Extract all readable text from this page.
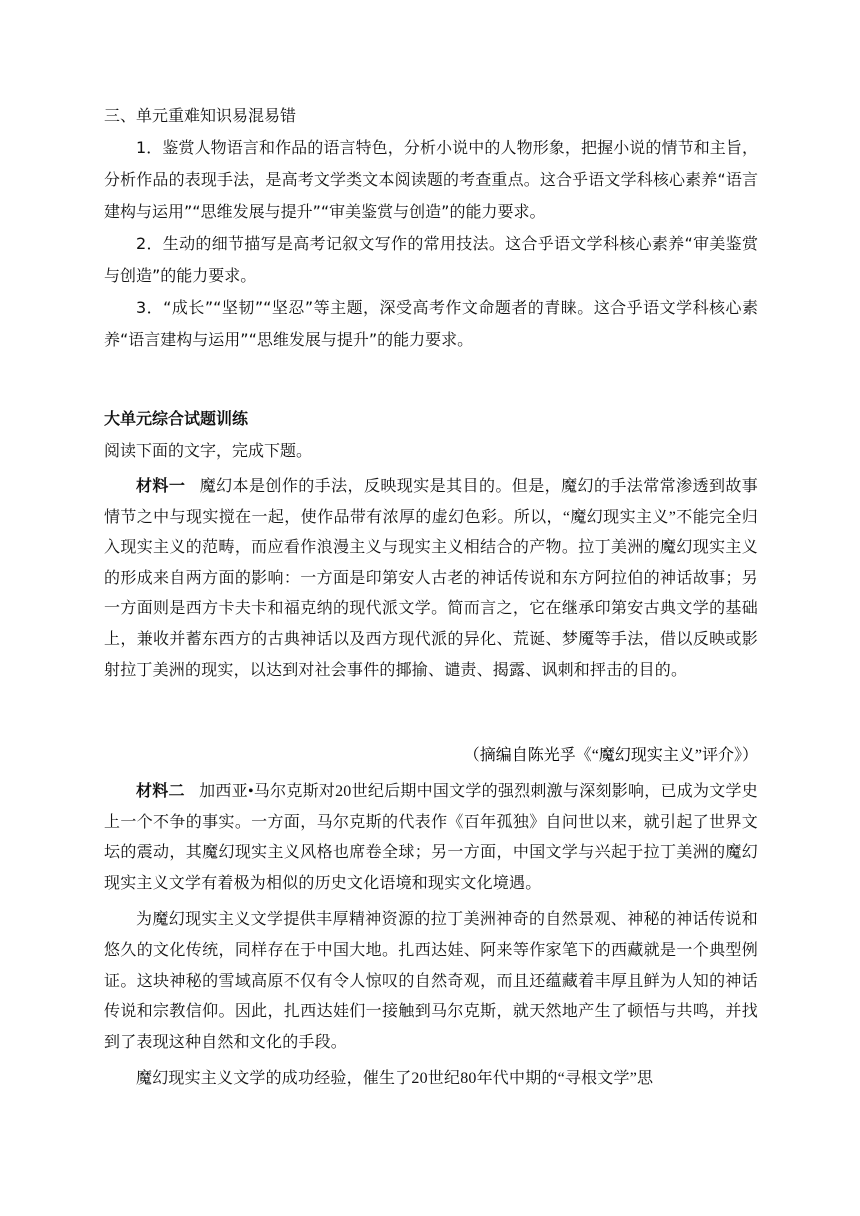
三、单元重难知识易混易错

1．鉴赏人物语言和作品的语言特色，分析小说中的人物形象，把握小说的情节和主旨，分析作品的表现手法，是高考文学类文本阅读题的考查重点。这合乎语文学科核心素养“语言建构与运用”“思维发展与提升”“审美鉴赏与创造”的能力要求。

2．生动的细节描写是高考记叙文写作的常用技法。这合乎语文学科核心素养“审美鉴赏与创造”的能力要求。

3．“成长”“坚韧”“坚忍”等主题，深受高考作文命题者的青睐。这合乎语文学科核心素养“语言建构与运用”“思维发展与提升”的能力要求。

大单元综合试题训练

阅读下面的文字，完成下题。

材料一 魔幻本是创作的手法，反映现实是其目的。但是，魔幻的手法常常渗透到故事情节之中与现实搅在一起，使作品带有浓厚的虚幻色彩。所以，“魔幻现实主义”不能完全归入现实主义的范畴，而应看作浪漫主义与现实主义相结合的产物。拉丁美洲的魔幻现实主义的形成来自两方面的影响：一方面是印第安人古老的神话传说和东方阿拉伯的神话故事；另一方面则是西方卡夫卡和福克纳的现代派文学。简而言之，它在继承印第安古典文学的基础上，兼收并蓄东西方的古典神话以及西方现代派的异化、荒诞、梦魇等手法，借以反映或影射拉丁美洲的现实，以达到对社会事件的揶揄、谴责、揭露、讽刺和抨击的目的。

（摘编自陈光孚《“魔幻现实主义”评介》）

材料二 加西亚•马尔克斯对20世纪后期中国文学的强烈刺激与深刻影响，已成为文学史上一个不争的事实。一方面，马尔克斯的代表作《百年孤独》自问世以来，就引起了世界文坛的震动，其魔幻现实主义风格也席卷全球；另一方面，中国文学与兴起于拉丁美洲的魔幻现实主义文学有着极为相似的历史文化语境和现实文化境遇。

为魔幻现实主义文学提供丰厚精神资源的拉丁美洲神奇的自然景观、神秘的神话传说和悠久的文化传统，同样存在于中国大地。扎西达娃、阿来等作家笔下的西藏就是一个典型例证。这块神秘的雪域高原不仅有令人惊叹的自然奇观，而且还蕴藏着丰厚且鲜为人知的神话传说和宗教信仰。因此，扎西达娃们一接触到马尔克斯，就天然地产生了顿悟与共鸣，并找到了表现这种自然和文化的手段。

魔幻现实主义文学的成功经验，催生了20世纪80年代中期的“寻根文学”思
